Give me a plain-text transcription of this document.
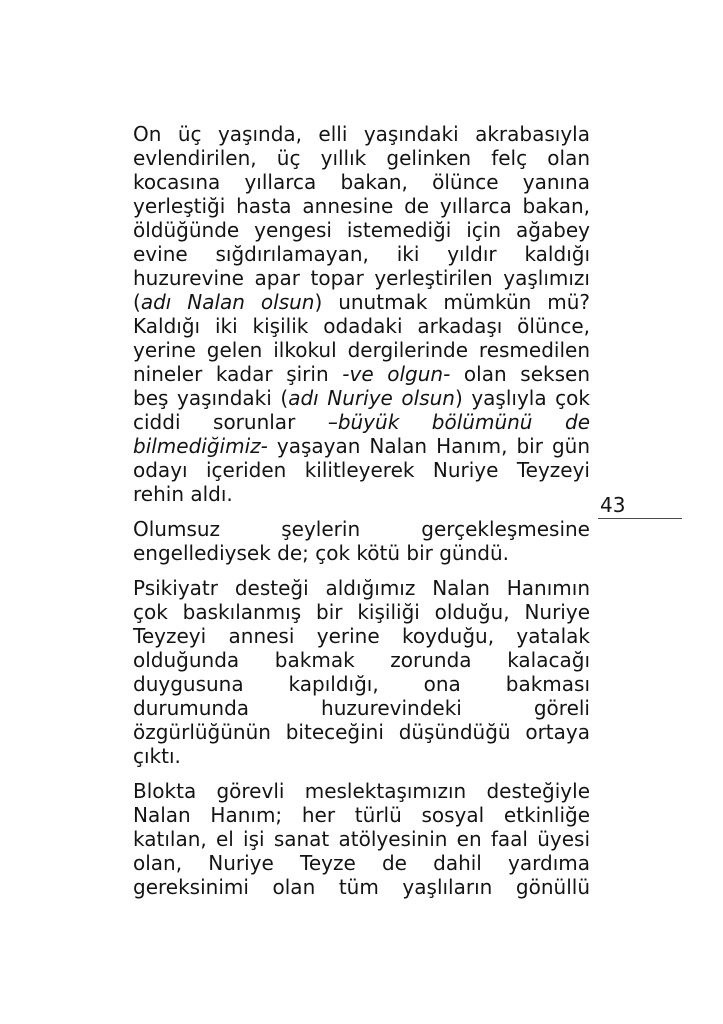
On üç yaşında, elli yaşındaki akrabasıyla
evlendirilen, üç yıllık gelinken felç olan
kocasına yıllarca bakan, ölünce yanına
yerleştiği hasta annesine de yıllarca bakan,
öldüğünde yengesi istemediği için ağabey
evine sığdırılamayan, iki yıldır kaldığı
huzurevine apar topar yerleştirilen yaşlımızı
(adı Nalan olsun) unutmak mümkün mü?
Kaldığı iki kişilik odadaki arkadaşı ölünce,
yerine gelen ilkokul dergilerinde resmedilen
nineler kadar şirin -ve olgun- olan seksen
beş yaşındaki (adı Nuriye olsun) yaşlıyla çok
ciddi sorunlar –büyük bölümünü de
bilmediğimiz- yaşayan Nalan Hanım, bir gün
odayı içeriden kilitleyerek Nuriye Teyzeyi
rehin aldı.
Olumsuz şeylerin gerçekleşmesine
engellediysek de; çok kötü bir gündü.
Psikiyatr desteği aldığımız Nalan Hanımın
çok baskılanmış bir kişiliği olduğu, Nuriye
Teyzeyi annesi yerine koyduğu, yatalak
olduğunda bakmak zorunda kalacağı
duygusuna kapıldığı, ona bakması
durumunda huzurevindeki göreli
özgürlüğünün biteceğini düşündüğü ortaya
çıktı.
Blokta görevli meslektaşımızın desteğiyle
Nalan Hanım; her türlü sosyal etkinliğe
katılan, el işi sanat atölyesinin en faal üyesi
olan, Nuriye Teyze de dahil yardıma
gereksinimi olan tüm yaşlıların gönüllü
43
